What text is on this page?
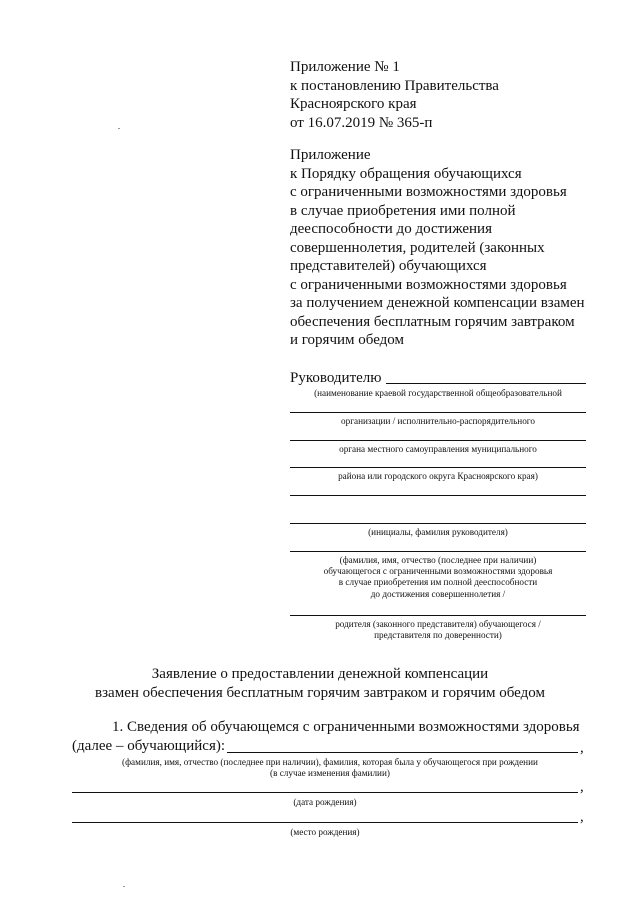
Приложение № 1
к постановлению Правительства
Красноярского края
от 16.07.2019 № 365-п
Приложение
к Порядку обращения обучающихся
с ограниченными возможностями здоровья
в случае приобретения ими полной
дееспособности до достижения
совершеннолетия, родителей (законных
представителей) обучающихся
с ограниченными возможностями здоровья
за получением денежной компенсации взамен
обеспечения бесплатным горячим завтраком
и горячим обедом
Руководителю
(наименование краевой государственной общеобразовательной
организации / исполнительно-распорядительного
органа местного самоуправления муниципального
района или городского округа Красноярского края)
(инициалы, фамилия руководителя)
(фамилия, имя, отчество (последнее при наличии)
обучающегося с ограниченными возможностями здоровья
в случае приобретения им полной дееспособности
до достижения совершеннолетия /
родителя (законного представителя) обучающегося /
представителя по доверенности)
Заявление о предоставлении денежной компенсации
взамен обеспечения бесплатным горячим завтраком и горячим обедом
1. Сведения об обучающемся с ограниченными возможностями здоровья
(далее – обучающийся):	,
(фамилия, имя, отчество (последнее при наличии), фамилия, которая была у обучающегося при рождении
(в случае изменения фамилии)
,
(дата рождения)
,
(место рождения)
